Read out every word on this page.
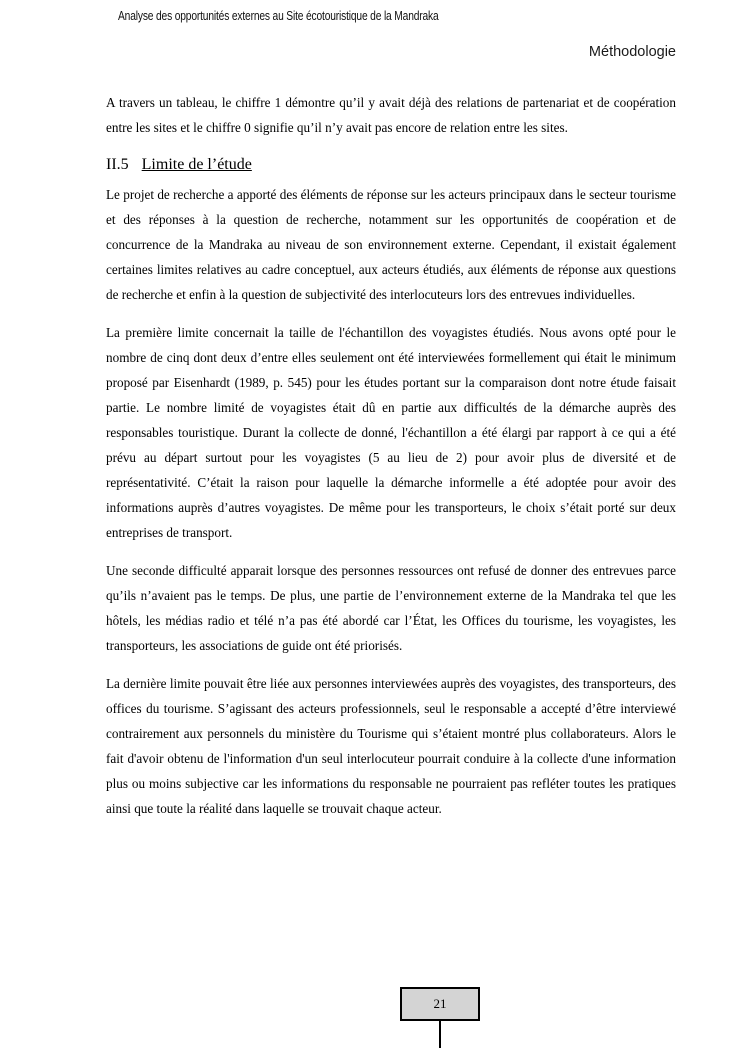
Analyse des opportunités externes au Site écotouristique de la Mandraka
Méthodologie

A travers un tableau, le chiffre 1 démontre qu’il y avait déjà des relations de partenariat et de coopération entre les sites et le chiffre 0 signifie qu’il n’y avait pas encore de relation entre les sites.

II.5 Limite de l’étude

Le projet de recherche a apporté des éléments de réponse sur les acteurs principaux dans le secteur tourisme et des réponses à la question de recherche, notamment sur les opportunités de coopération et de concurrence de la Mandraka au niveau de son environnement externe. Cependant, il existait également certaines limites relatives au cadre conceptuel, aux acteurs étudiés, aux éléments de réponse aux questions de recherche et enfin à la question de subjectivité des interlocuteurs lors des entrevues individuelles.

La première limite concernait la taille de l'échantillon des voyagistes étudiés. Nous avons opté pour le nombre de cinq dont deux d’entre elles seulement ont été interviewées formellement qui était le minimum proposé par Eisenhardt (1989, p. 545) pour les études portant sur la comparaison dont notre étude faisait partie. Le nombre limité de voyagistes était dû en partie aux difficultés de la démarche auprès des responsables touristique. Durant la collecte de donné, l'échantillon a été élargi par rapport à ce qui a été prévu au départ surtout pour les voyagistes (5 au lieu de 2) pour avoir plus de diversité et de représentativité. C’était la raison pour laquelle la démarche informelle a été adoptée pour avoir des informations auprès d’autres voyagistes. De même pour les transporteurs, le choix s’était porté sur deux entreprises de transport.

Une seconde difficulté apparait lorsque des personnes ressources ont refusé de donner des entrevues parce qu’ils n’avaient pas le temps. De plus, une partie de l’environnement externe de la Mandraka tel que les hôtels, les médias radio et télé n’a pas été abordé car l’État, les Offices du tourisme, les voyagistes, les transporteurs, les associations de guide ont été priorisés.

La dernière limite pouvait être liée aux personnes interviewées auprès des voyagistes, des transporteurs, des offices du tourisme. S’agissant des acteurs professionnels, seul le responsable a accepté d’être interviewé contrairement aux personnels du ministère du Tourisme qui s’étaient montré plus collaborateurs. Alors le fait d'avoir obtenu de l'information d'un seul interlocuteur pourrait conduire à la collecte d'une information plus ou moins subjective car les informations du responsable ne pourraient pas refléter toutes les pratiques ainsi que toute la réalité dans laquelle se trouvait chaque acteur.

21
